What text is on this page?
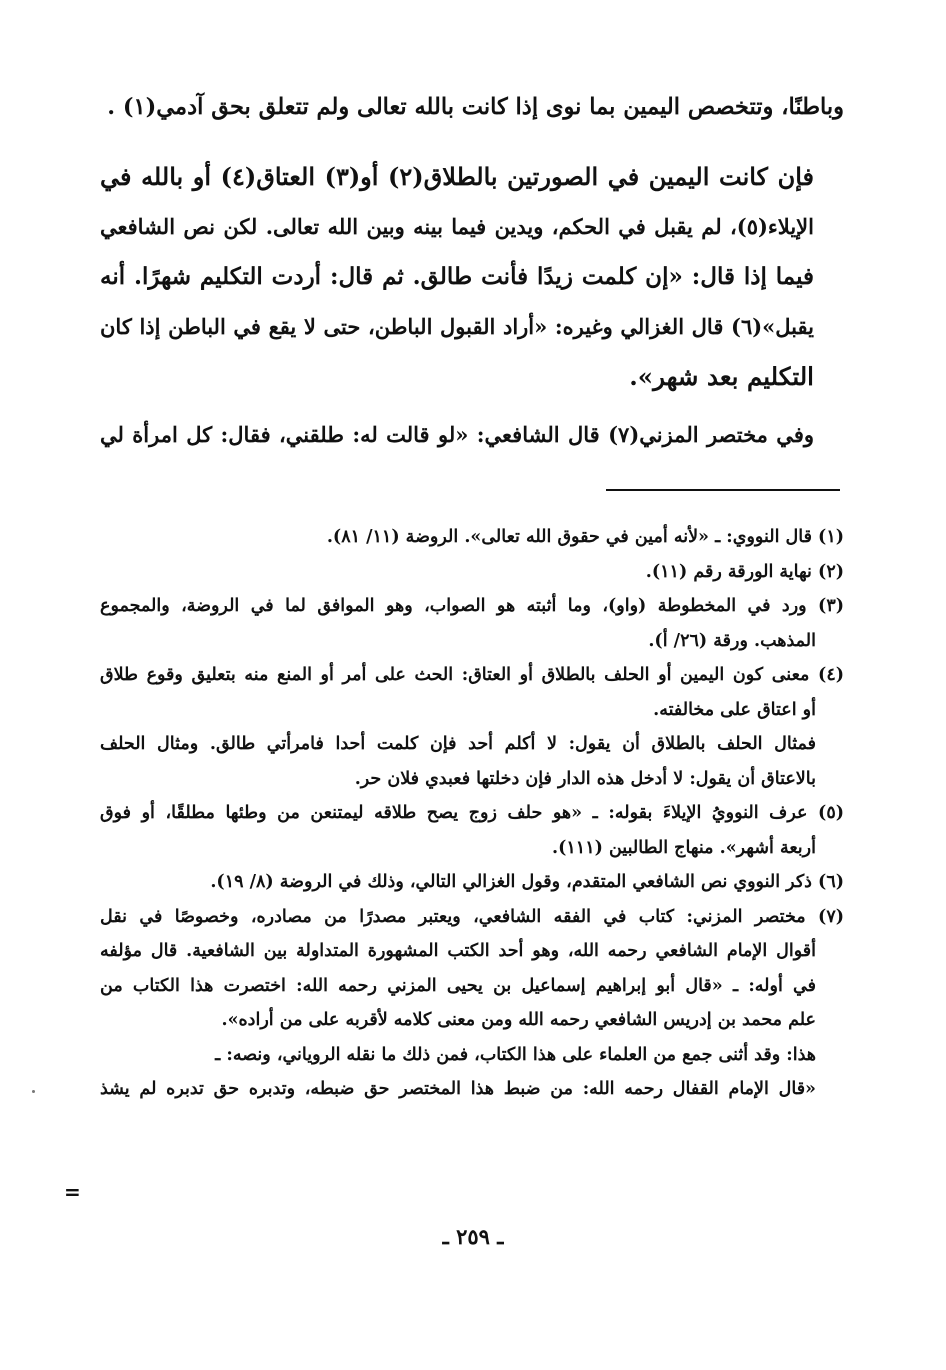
وباطنًا، وتتخصص اليمين بما نوى إذا كانت بالله تعالى ولم تتعلق بحق آدمي(١) .
فإن كانت اليمين في الصورتين بالطلاق(٢) أو(٣) العتاق(٤) أو بالله في
الإيلاء(٥)، لم يقبل في الحكم، ويدين فيما بينه وبين الله تعالى. لكن نص الشافعي
فيما إذا قال: «إن كلمت زيدًا فأنت طالق. ثم قال: أردت التكليم شهرًا. أنه
يقبل»(٦) قال الغزالي وغيره: «أراد القبول الباطن، حتى لا يقع في الباطن إذا كان
التكليم بعد شهر».
وفي مختصر المزني(٧) قال الشافعي: «لو قالت له: طلقني، فقال: كل امرأة لي
(١) قال النووي: ـ «لأنه أمين في حقوق الله تعالى». الروضة (١١/ ٨١).
(٢) نهاية الورقة رقم (١١).
(٣) ورد في المخطوطة (واو)، وما أثبته هو الصواب، وهو الموافق لما في الروضة، والمجموع
المذهب. ورقة (٢٦/ أ).
(٤) معنى كون اليمين أو الحلف بالطلاق أو العتاق: الحث على أمر أو المنع منه بتعليق وقوع طلاق
أو اعتاق على مخالفته.
فمثال الحلف بالطلاق أن يقول: لا أكلم أحد فإن كلمت أحدا فامرأتي طالق. ومثال الحلف
بالاعتاق أن يقول: لا أدخل هذه الدار فإن دخلتها فعبدي فلان حر.
(٥) عرف النوويُ الإيلاءَ بقوله: ـ «هو حلف زوج يصح طلاقه ليمتنعن من وطئها مطلقًا، أو فوق
أربعة أشهر». منهاج الطالبين (١١١).
(٦) ذكر النووي نص الشافعي المتقدم، وقول الغزالي التالي، وذلك في الروضة (٨/ ١٩).
(٧) مختصر المزني: كتاب في الفقه الشافعي، ويعتبر مصدرًا من مصادره، وخصوصًا في نقل
أقوال الإمام الشافعي رحمه الله، وهو أحد الكتب المشهورة المتداولة بين الشافعية. قال مؤلفه
في أوله: ـ «قال أبو إبراهيم إسماعيل بن يحيى المزني رحمه الله: اختصرت هذا الكتاب من
علم محمد بن إدريس الشافعي رحمه الله ومن معنى كلامه لأقربه على من أراده».
هذا: وقد أثنى جمع من العلماء على هذا الكتاب، فمن ذلك ما نقله الروياني، ونصه: ـ
«قال الإمام القفال رحمه الله: من ضبط هذا المختصر حق ضبطه، وتدبره حق تدبره لم يشذ
=
ـ ٢٥٩ ـ
